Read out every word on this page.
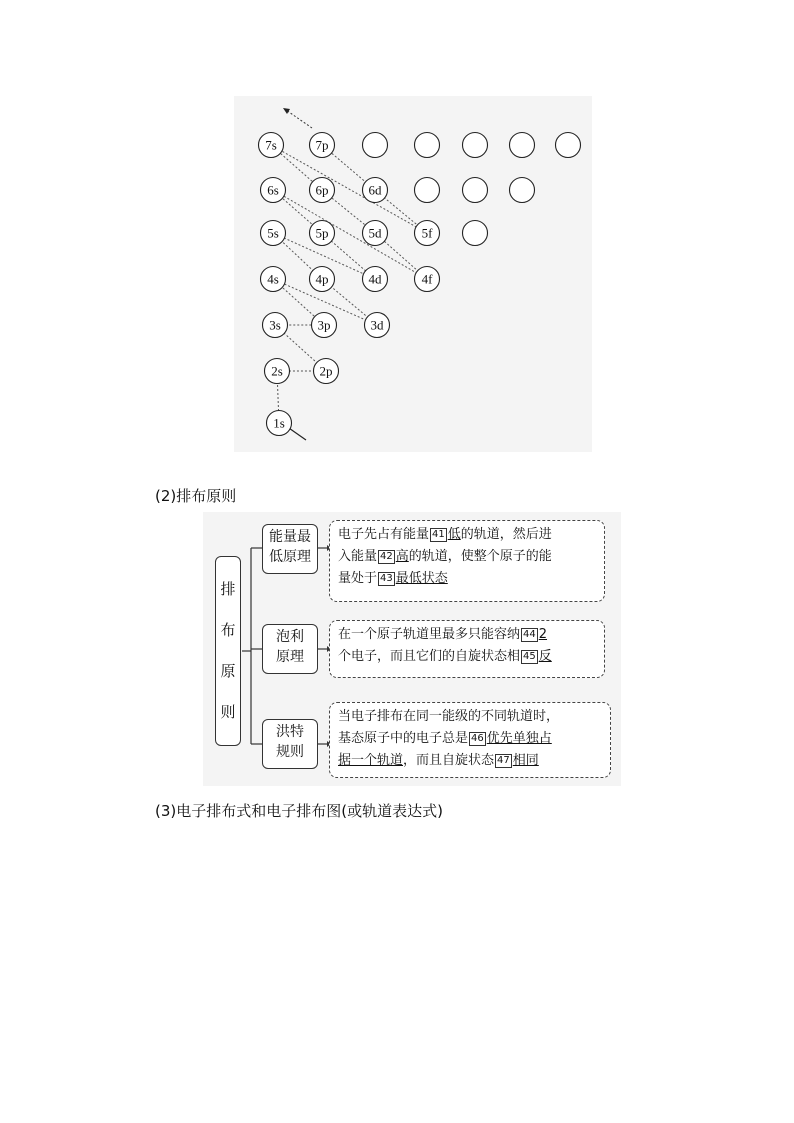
7s	7p
6s	6p	6d
5s	5p	5d	5f
4s	4p	4d	4f
3s	3p	3d
2s	2p
1s
(2)排布原则
排
布
原
则
能量最
低原理
电子先占有能量 41 低的轨道，然后进
入能量 42 高的轨道，使整个原子的能
量处于 43 最低状态
泡利
原理
在一个原子轨道里最多只能容纳 44 2
个电子，而且它们的自旋状态相 45 反
洪特
规则
当电子排布在同一能级的不同轨道时，
基态原子中的电子总是 46 优先单独占
据一个轨道，而且自旋状态 47 相同
(3)电子排布式和电子排布图(或轨道表达式)
